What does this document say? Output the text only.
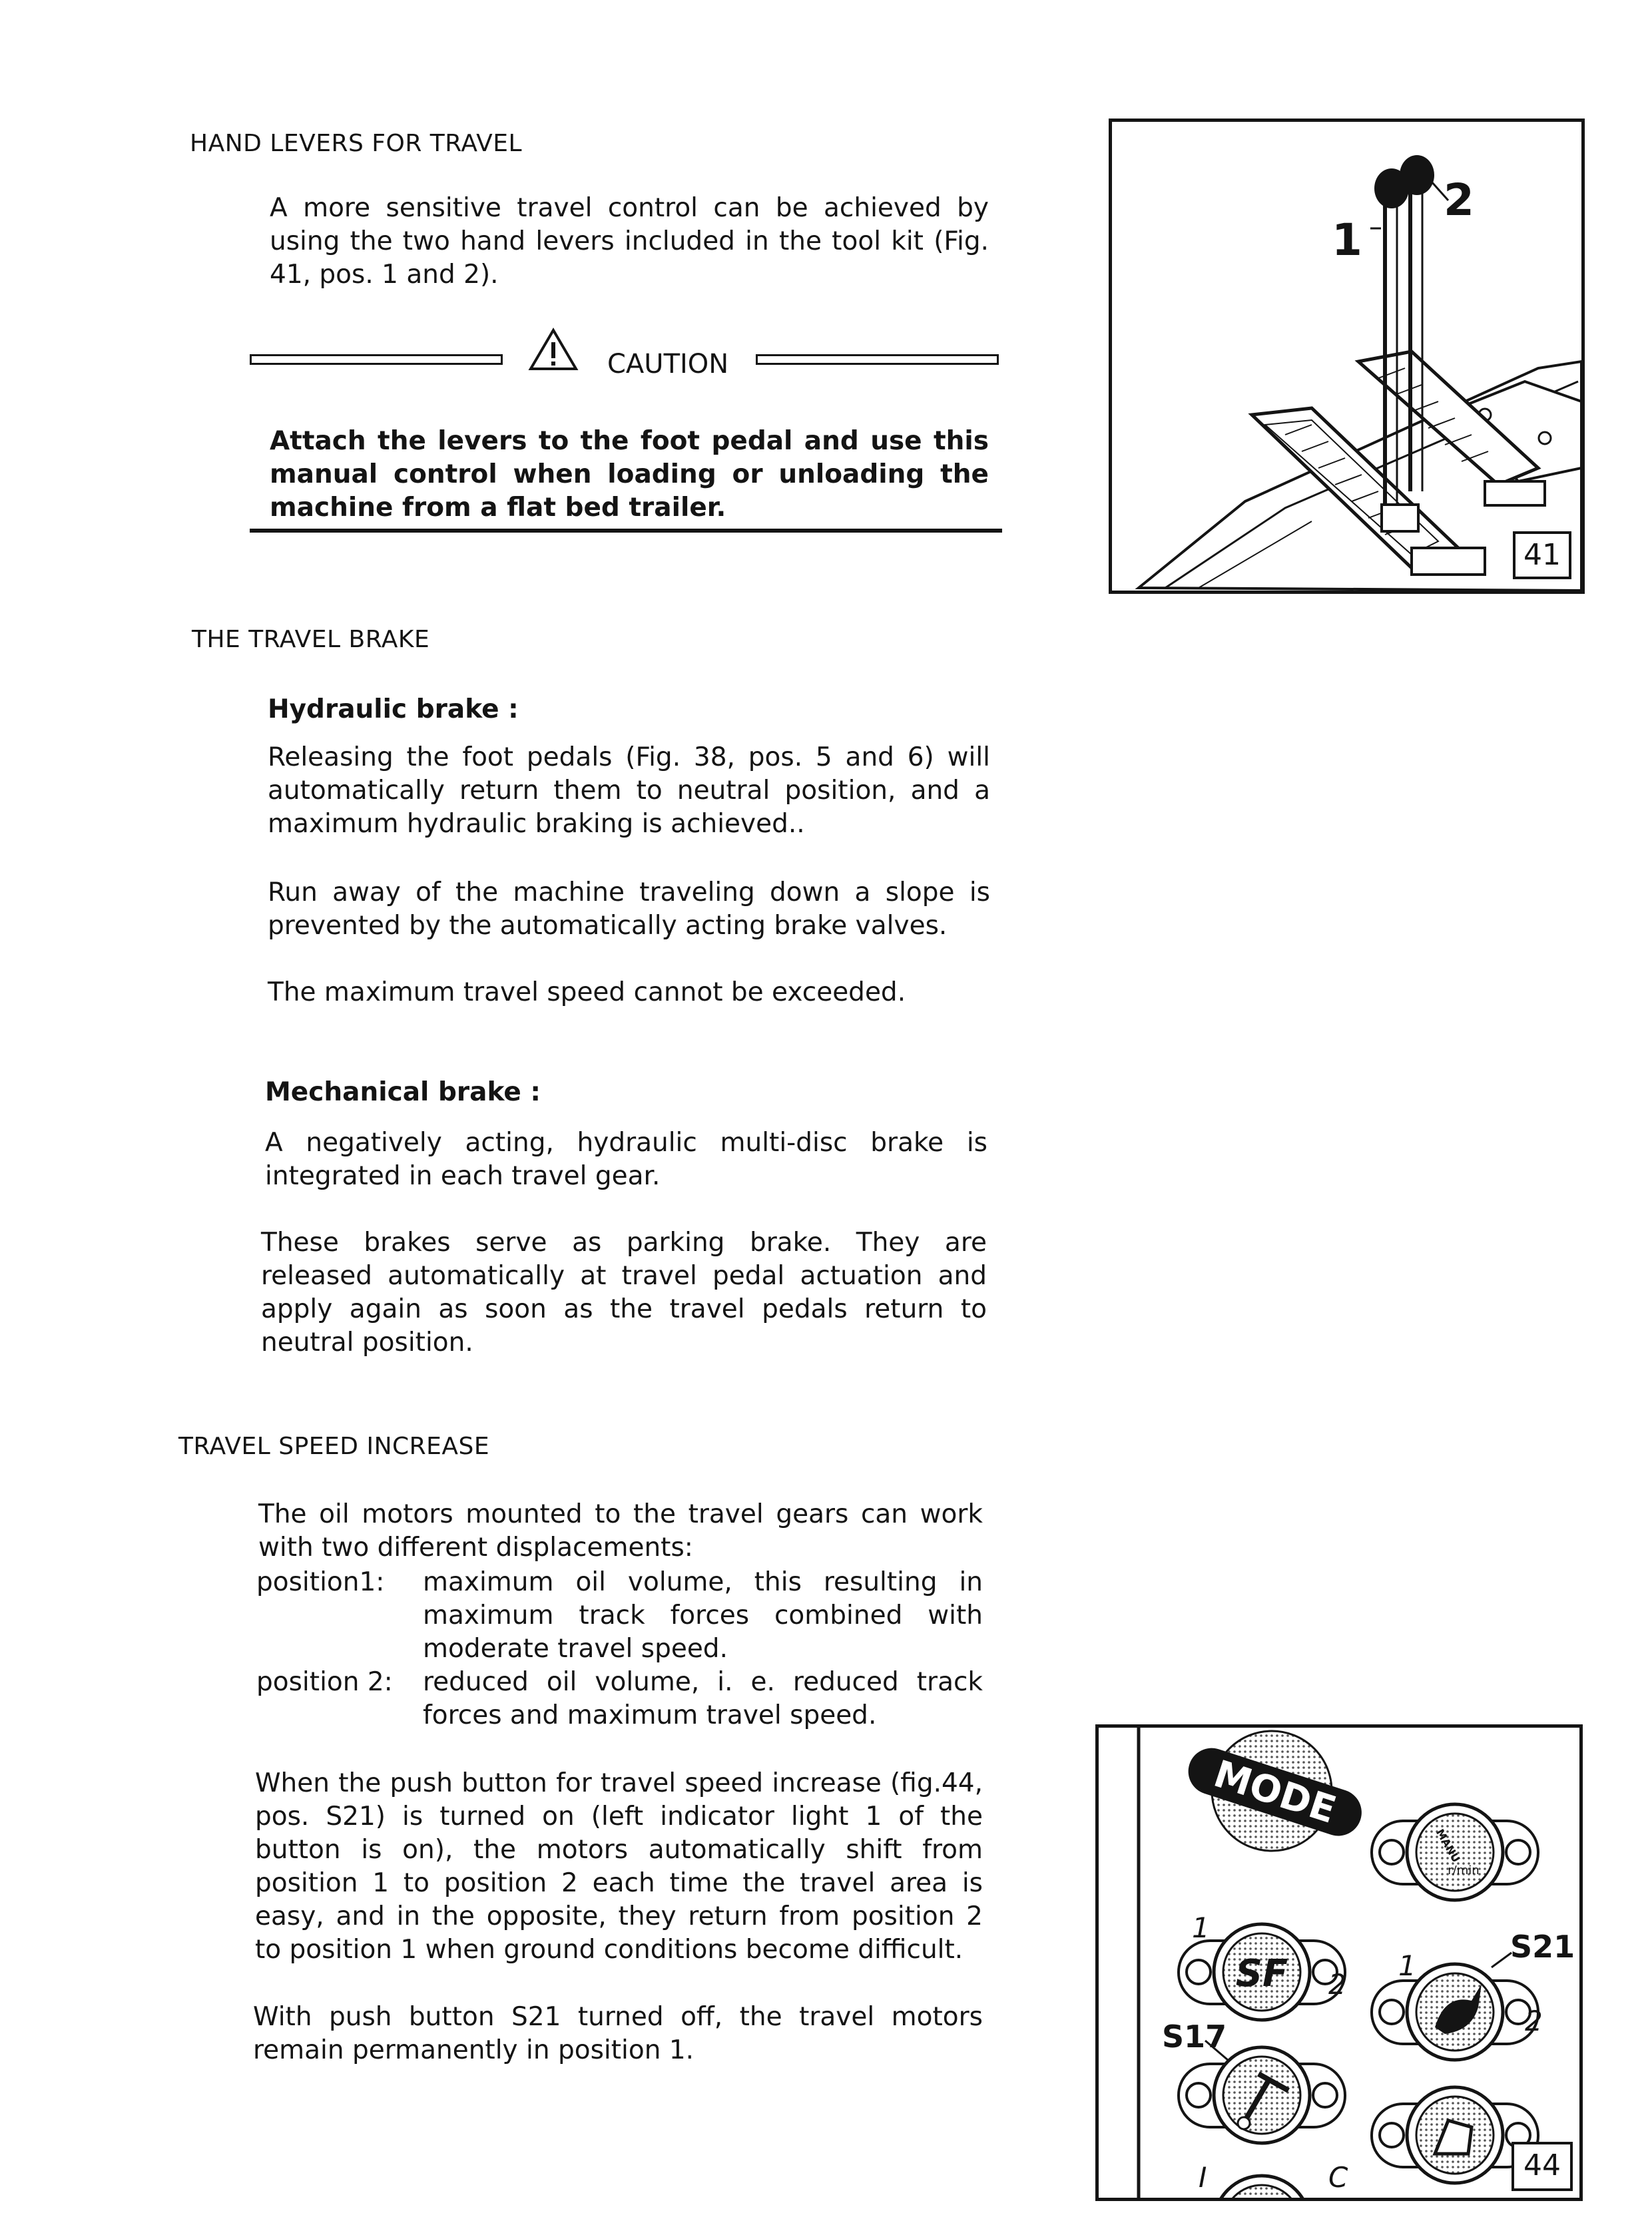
HAND LEVERS FOR TRAVEL
A more sensitive travel control can be achieved by using the two hand levers included in the tool kit (Fig. 41, pos. 1 and 2).
CAUTION
Attach the levers to the foot pedal and use this manual control when loading or unloading the machine from a flat bed trailer.
1
2
41
THE TRAVEL BRAKE
Hydraulic brake :
Releasing the foot pedals (Fig. 38, pos. 5 and 6) will automatically return them to neutral position, and a maximum hydraulic braking is achieved..
Run away of the machine traveling down a slope is prevented by the automatically acting brake valves.
The maximum travel speed cannot be exceeded.
Mechanical brake :
A negatively acting, hydraulic multi-disc brake is integrated in each travel gear.
These brakes serve as parking brake. They are released automatically at travel pedal actuation and apply again as soon as the travel pedals return to neutral position.
TRAVEL SPEED INCREASE
The oil motors mounted to the travel gears can work with two different displacements:
position1:	maximum oil volume, this resulting in maximum track forces combined with moderate travel speed.
position 2:	reduced oil volume, i. e. reduced track forces and maximum travel speed.
When the push button for travel speed increase (fig.44, pos. S21) is turned on (left indicator light 1 of the button is on), the motors automatically shift from position 1 to position 2 each time the travel area is easy, and in the opposite, they return from position 2 to position 1 when ground conditions become difficult.
With push button S21 turned off, the travel motors remain permanently in position 1.
MODE
SF
1
2
S17
I	C
MANU
r/min
1
2
S21
44
